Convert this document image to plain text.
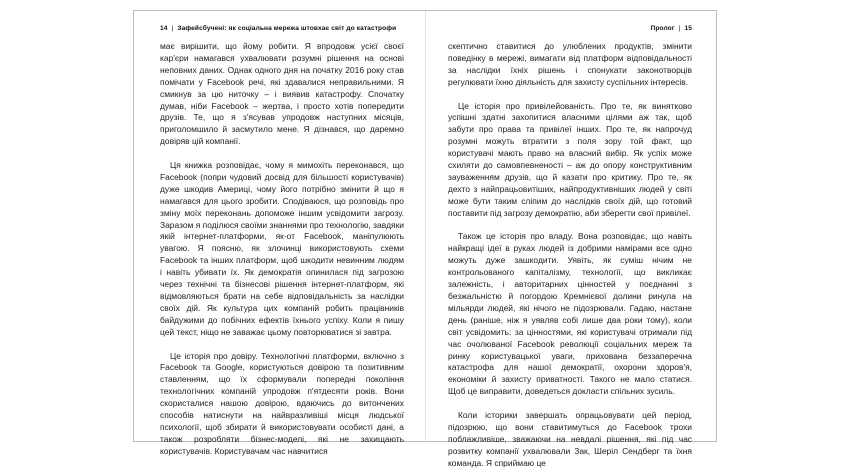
14 | Зафейсбучені: як соціальна мережа штовхає світ до катастрофи

має вирішити, що йому робити. Я впродовж усієї своєї кар'єри намагався ухвалювати розумні рішення на основі неповних даних. Однак одного дня на початку 2016 року став помічати у Facebook речі, які здавалися неправильними. Я смикнув за цю ниточку – і виявив катастрофу. Спочатку думав, ніби Facebook – жертва, і просто хотів попередити друзів. Те, що я з'ясував упродовж наступних місяців, приголомшило й засмутило мене. Я дізнався, що даремно довіряв цій компанії.

Ця книжка розповідає, чому я мимохіть переконався, що Facebook (попри чудовий досвід для більшості користувачів) дуже шкодив Америці, чому його потрібно змінити й що я намагався для цього зробити. Сподіваюся, що розповідь про зміну моїх переконань допоможе іншим усвідомити загрозу. Заразом я поділюся своїми знаннями про технологію, завдяки якій інтернет-платформи, як-от Facebook, маніпулюють увагою. Я поясню, як злочинці використовують схеми Facebook та інших платформ, щоб шкодити невинним людям і навіть убивати їх. Як демократія опинилася під загрозою через технічні та бізнесові рішення інтернет-платформ, які відмовляються брати на себе відповідальність за наслідки своїх дій. Як культура цих компаній робить працівників байдужими до побічних ефектів їхнього успіху. Коли я пишу цей текст, ніщо не заважає цьому повторюватися зі завтра.

Це історія про довіру. Технологічні платформи, включно з Facebook та Google, користуються довірою та позитивним ставленням, що їх сформували попередні покоління технологічних компаній упродовж п'ятдесяти років. Вони скористалися нашою довірою, вдаючись до витончених способів натиснути на найвразливіші місця людської психології, щоб збирати й використовувати особисті дані, а також розробляти бізнес-моделі, які не захищають користувачів. Користувачам час навчитися

Пролог | 15

скептично ставитися до улюблених продуктів, змінити поведінку в мережі, вимагати від платформ відповідальності за наслідки їхніх рішень і спонукати законотворців регулювати їхню діяльність для захисту суспільних інтересів.

Це історія про привілейованість. Про те, як винятково успішні здатні захопитися власними цілями аж так, щоб забути про права та привілеї інших. Про те, як напрочуд розумні можуть втратити з поля зору той факт, що користувачі мають право на власний вибір. Як успіх може схиляти до самовпевненості – аж до опору конструктивним зауваженням друзів, що й казати про критику. Про те, як дехто з найпрацьовитіших, найпродуктивніших людей у світі може бути таким сліпим до наслідків своїх дій, що готовий поставити під загрозу демократію, аби зберегти свої привілеї.

Також це історія про владу. Вона розповідає, що навіть найкращі ідеї в руках людей із добрими намірами все одно можуть дуже зашкодити. Уявіть, як суміш нічим не контрольованого капіталізму, технології, що викликає залежність, і авторитарних цінностей у поєднанні з безжальністю й погордою Кремнієвої долини ринула на мільярди людей, які нічого не підозрювали. Гадаю, настане день (раніше, ніж я уявляв собі лише два роки тому), коли світ усвідомить: за цінностями, які користувачі отримали під час очолюваної Facebook революції соціальних мереж та ринку користувацької уваги, прихована беззаперечна катастрофа для нашої демократії, охорони здоров'я, економіки й захисту приватності. Такого не мало статися. Щоб це виправити, доведеться докласти спільних зусиль.

Коли історики завершать опрацьовувати цей період, підозрюю, що вони ставитимуться до Facebook трохи поблажливіше, зважаючи на невдалі рішення, які під час розвитку компанії ухвалювали Зак, Шеріл Сендберг та їхня команда. Я сприймаю це
